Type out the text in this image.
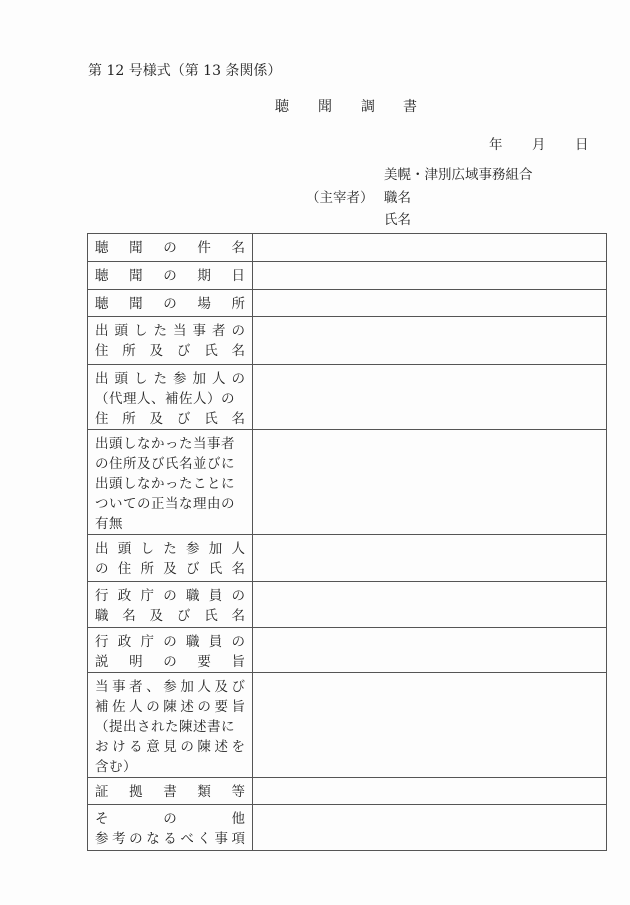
第 12 号様式（第 13 条関係）
聴 聞 調 書
年 月 日
美幌・津別広域事務組合
（主宰者） 職名
氏名
聴 聞 の 件 名	

聴 聞 の 期 日	

聴 聞 の 場 所	

出 頭 し た 当 事 者 の
住 所 及 び 氏 名

出 頭 し た 参 加 人 の
（代理人、補佐人）の
住 所 及 び 氏 名

出頭しなかった当事者
の住所及び氏名並びに
出頭しなかったことに
ついての正当な理由の
有無	

出 頭 し た 参 加 人
の 住 所 及 び 氏 名

行 政 庁 の 職 員 の
職 名 及 び 氏 名

行 政 庁 の 職 員 の
説 明 の 要 旨

当 事 者 、 参 加 人 及 び
補 佐 人 の 陳 述 の 要 旨
（提出された陳述書に
お け る 意 見 の 陳 述 を
含む）

証 拠 書 類 等	

そ	の	他
参 考 の な る べ く 事 項
